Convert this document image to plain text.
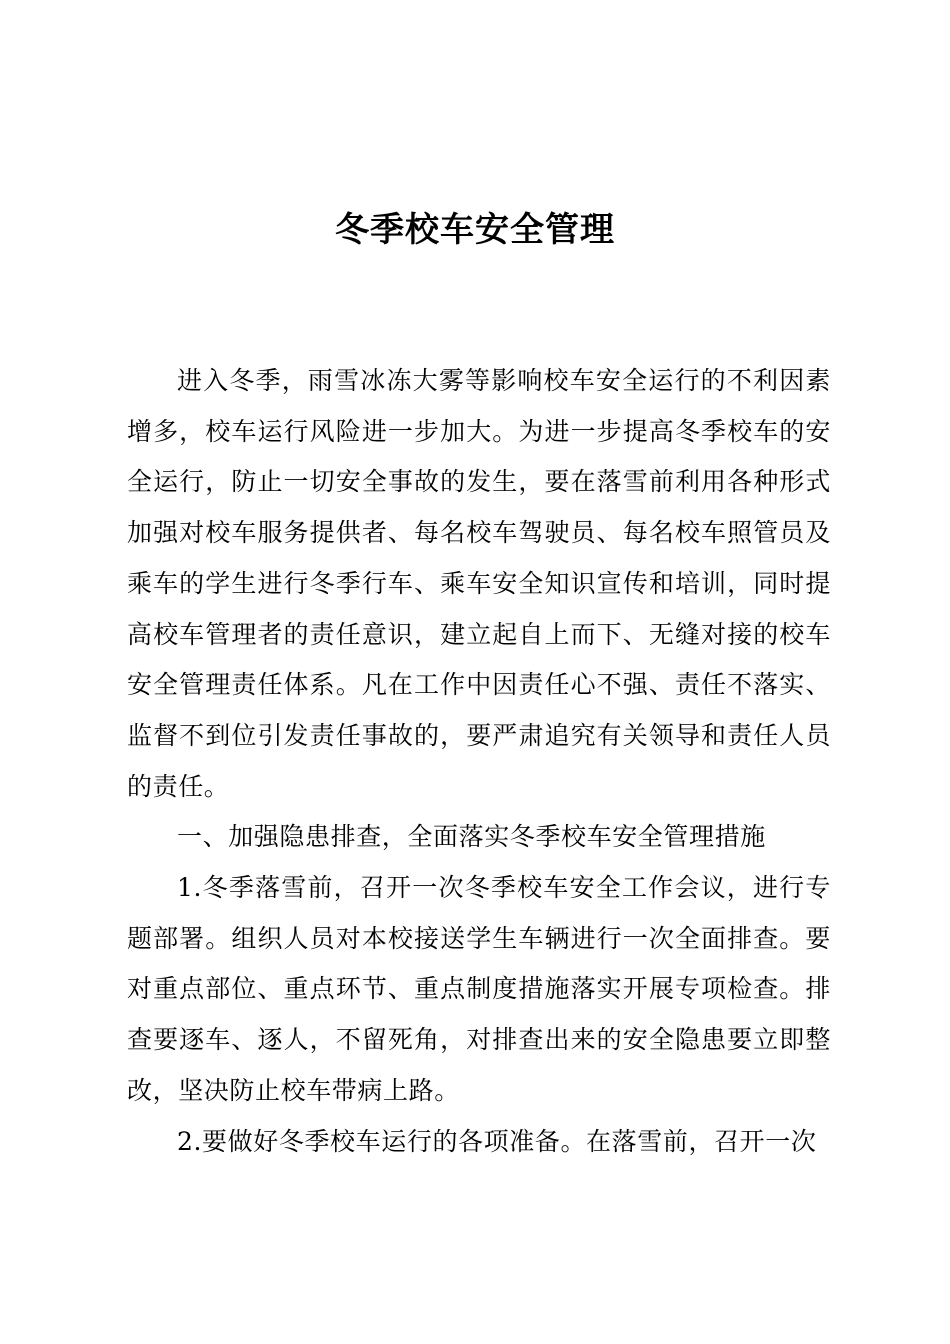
冬季校车安全管理

进入冬季，雨雪冰冻大雾等影响校车安全运行的不利因素增多，校车运行风险进一步加大。为进一步提高冬季校车的安全运行，防止一切安全事故的发生，要在落雪前利用各种形式加强对校车服务提供者、每名校车驾驶员、每名校车照管员及乘车的学生进行冬季行车、乘车安全知识宣传和培训，同时提高校车管理者的责任意识，建立起自上而下、无缝对接的校车安全管理责任体系。凡在工作中因责任心不强、责任不落实、监督不到位引发责任事故的，要严肃追究有关领导和责任人员的责任。

一、加强隐患排查，全面落实冬季校车安全管理措施

1.冬季落雪前，召开一次冬季校车安全工作会议，进行专题部署。组织人员对本校接送学生车辆进行一次全面排查。要对重点部位、重点环节、重点制度措施落实开展专项检查。排查要逐车、逐人，不留死角，对排查出来的安全隐患要立即整改，坚决防止校车带病上路。

2.要做好冬季校车运行的各项准备。在落雪前，召开一次
